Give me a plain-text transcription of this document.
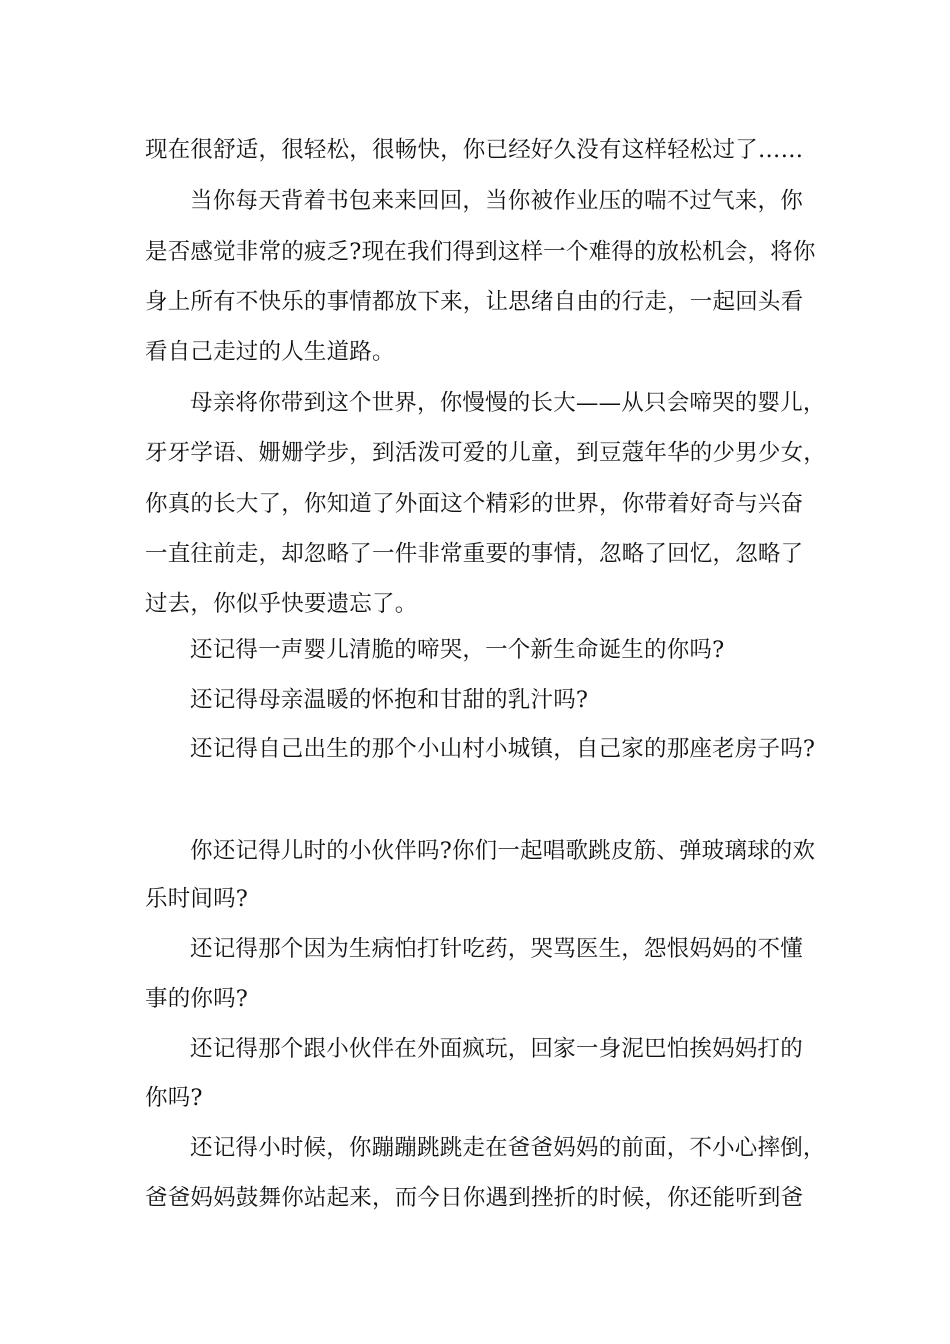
现在很舒适，很轻松，很畅快，你已经好久没有这样轻松过了……
当你每天背着书包来来回回，当你被作业压的喘不过气来，你
是否感觉非常的疲乏?现在我们得到这样一个难得的放松机会，将你
身上所有不快乐的事情都放下来，让思绪自由的行走，一起回头看
看自己走过的人生道路。
母亲将你带到这个世界，你慢慢的长大——从只会啼哭的婴儿，
牙牙学语、姗姗学步，到活泼可爱的儿童，到豆蔻年华的少男少女，
你真的长大了，你知道了外面这个精彩的世界，你带着好奇与兴奋
一直往前走，却忽略了一件非常重要的事情，忽略了回忆，忽略了
过去，你似乎快要遗忘了。
还记得一声婴儿清脆的啼哭，一个新生命诞生的你吗?
还记得母亲温暖的怀抱和甘甜的乳汁吗?
还记得自己出生的那个小山村小城镇，自己家的那座老房子吗?
你还记得儿时的小伙伴吗?你们一起唱歌跳皮筋、弹玻璃球的欢
乐时间吗?
还记得那个因为生病怕打针吃药，哭骂医生，怨恨妈妈的不懂
事的你吗?
还记得那个跟小伙伴在外面疯玩，回家一身泥巴怕挨妈妈打的
你吗?
还记得小时候，你蹦蹦跳跳走在爸爸妈妈的前面，不小心摔倒，
爸爸妈妈鼓舞你站起来，而今日你遇到挫折的时候，你还能听到爸
